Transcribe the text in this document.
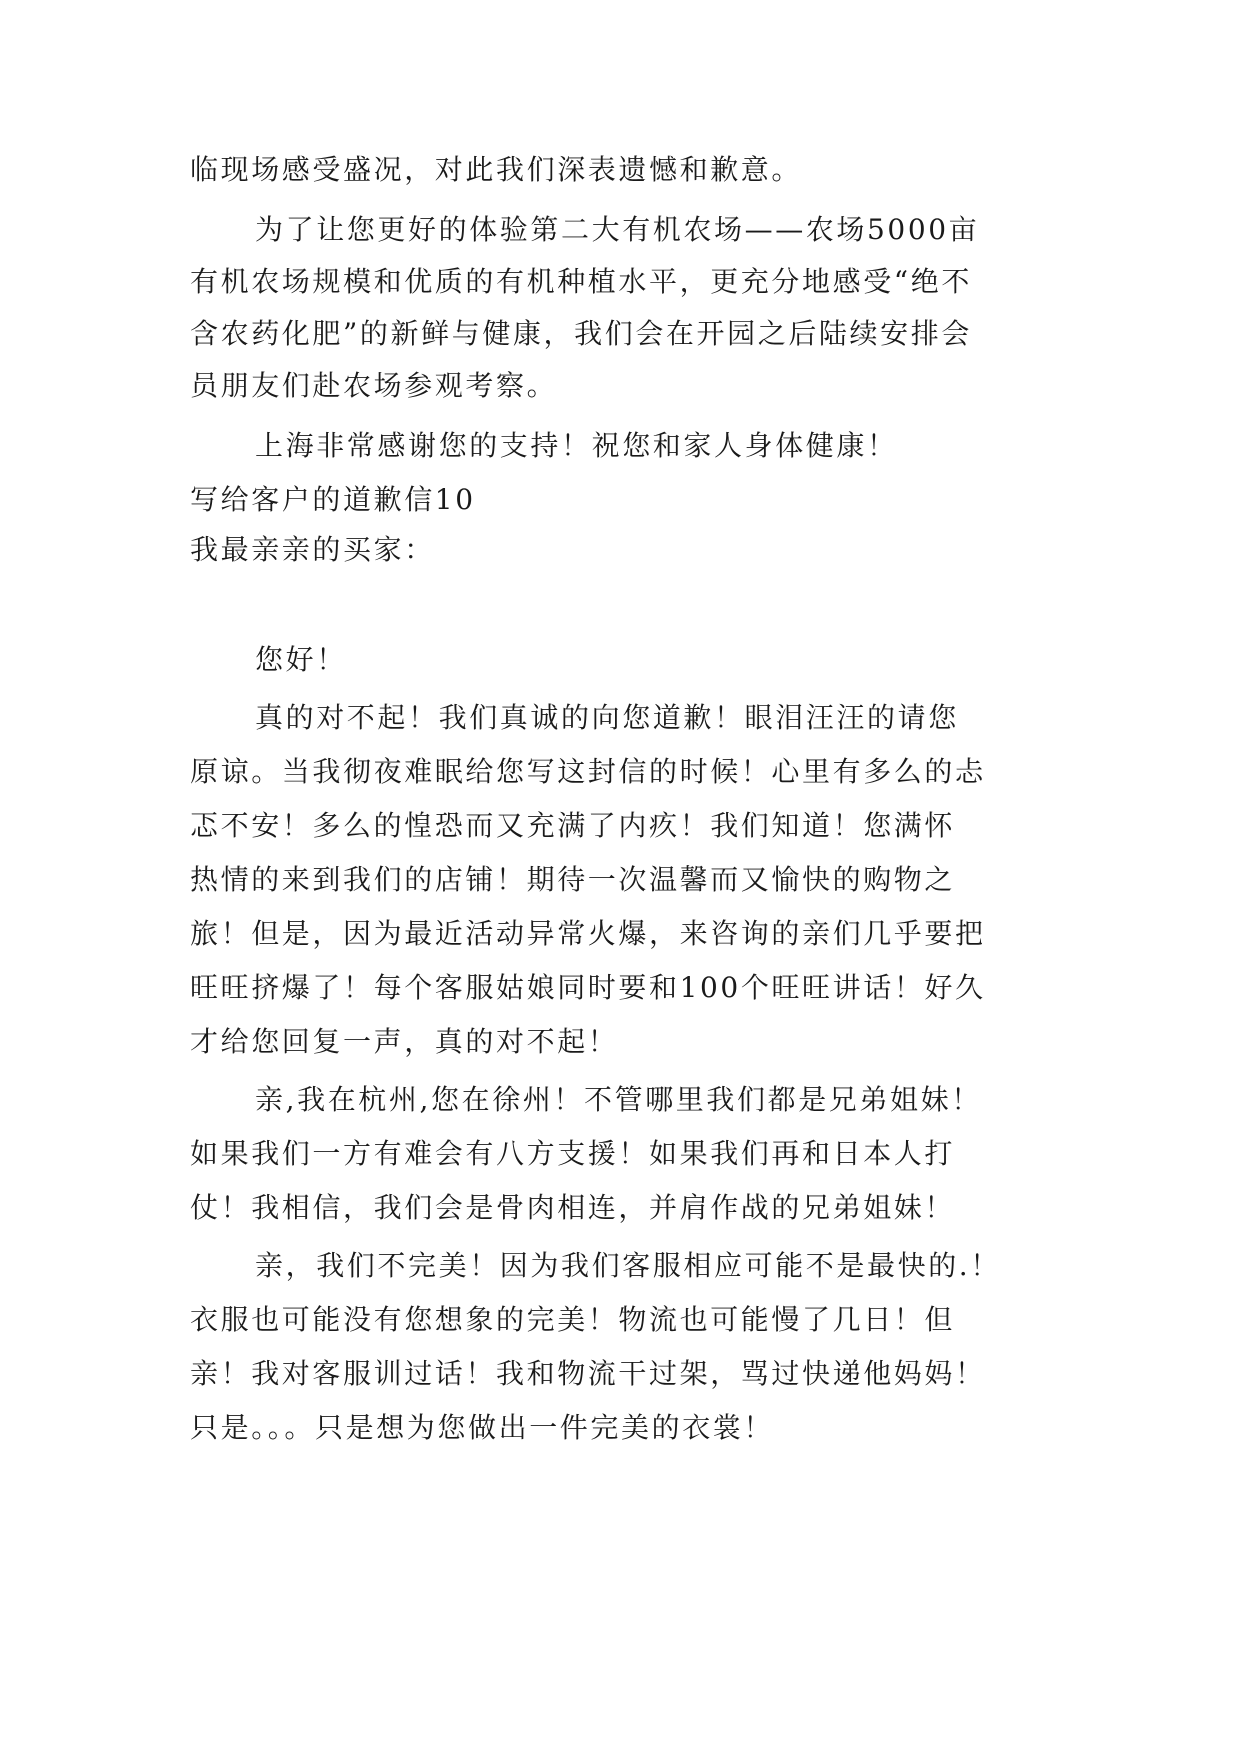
临现场感受盛况，对此我们深表遗憾和歉意。

为了让您更好的体验第二大有机农场——农场5000亩

有机农场规模和优质的有机种植水平，更充分地感受“绝不

含农药化肥”的新鲜与健康，我们会在开园之后陆续安排会

员朋友们赴农场参观考察。

上海非常感谢您的支持！祝您和家人身体健康！

写给客户的道歉信10

我最亲亲的买家：

您好！

真的对不起！我们真诚的向您道歉！眼泪汪汪的请您

原谅。当我彻夜难眠给您写这封信的时候！心里有多么的忐

忑不安！多么的惶恐而又充满了内疚！我们知道！您满怀

热情的来到我们的店铺！期待一次温馨而又愉快的购物之

旅！但是，因为最近活动异常火爆，来咨询的亲们几乎要把

旺旺挤爆了！每个客服姑娘同时要和100个旺旺讲话！好久

才给您回复一声，真的对不起！

亲,我在杭州,您在徐州！不管哪里我们都是兄弟姐妹！

如果我们一方有难会有八方支援！如果我们再和日本人打

仗！我相信，我们会是骨肉相连，并肩作战的兄弟姐妹！

亲，我们不完美！因为我们客服相应可能不是最快的.！

衣服也可能没有您想象的完美！物流也可能慢了几日！但

亲！我对客服训过话！我和物流干过架，骂过快递他妈妈！

只是。。。只是想为您做出一件完美的衣裳！
